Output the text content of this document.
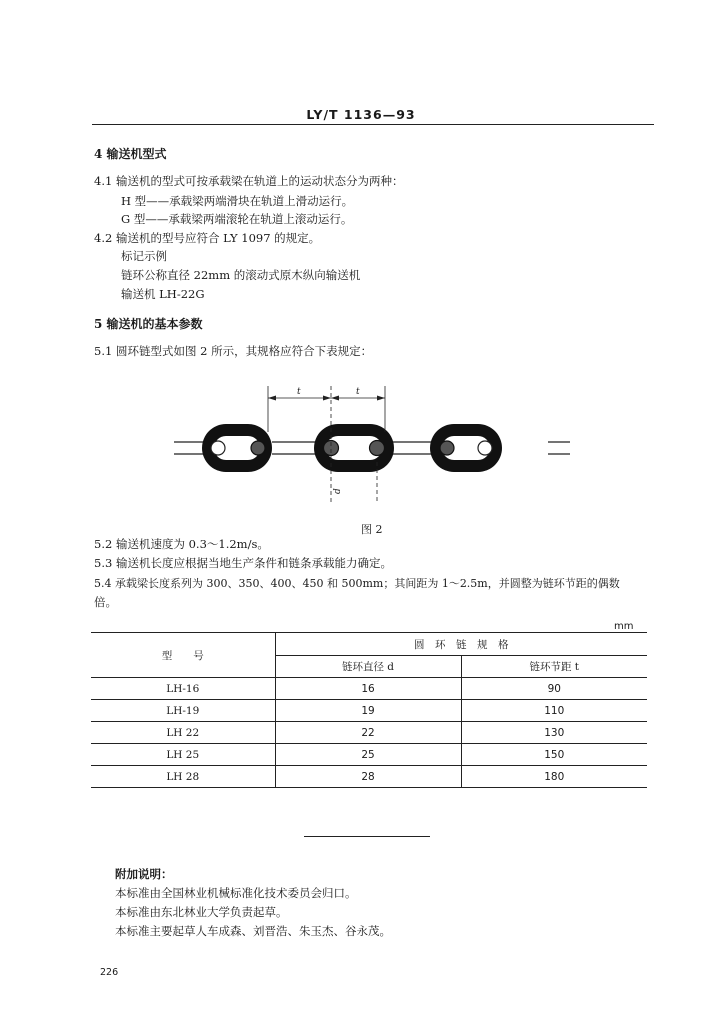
LY/T 1136—93
4 输送机型式
4.1 输送机的型式可按承载梁在轨道上的运动状态分为两种：
H 型——承载梁两端滑块在轨道上滑动运行。
G 型——承载梁两端滚轮在轨道上滚动运行。
4.2 输送机的型号应符合 LY 1097 的规定。
标记示例
链环公称直径 22mm 的滚动式原木纵向输送机
输送机 LH-22G
5 输送机的基本参数
5.1 圆环链型式如图 2 所示，其规格应符合下表规定：
t	t
d
图 2
5.2 输送机速度为 0.3～1.2m/s。
5.3 输送机长度应根据当地生产条件和链条承载能力确定。
5.4 承载梁长度系列为 300、350、400、450 和 500mm；其间距为 1～2.5m，并圆整为链环节距的偶数
倍。
mm
型　　号	圆　环　链　规　格	
	链环直径 d	链环节距 t
LH-16	16	90
LH-19	19	110
LH 22	22	130
LH 25	25	150
LH 28	28	180
附加说明：
本标准由全国林业机械标准化技术委员会归口。
本标准由东北林业大学负责起草。
本标准主要起草人车成森、刘晋浩、朱玉杰、谷永茂。
226
